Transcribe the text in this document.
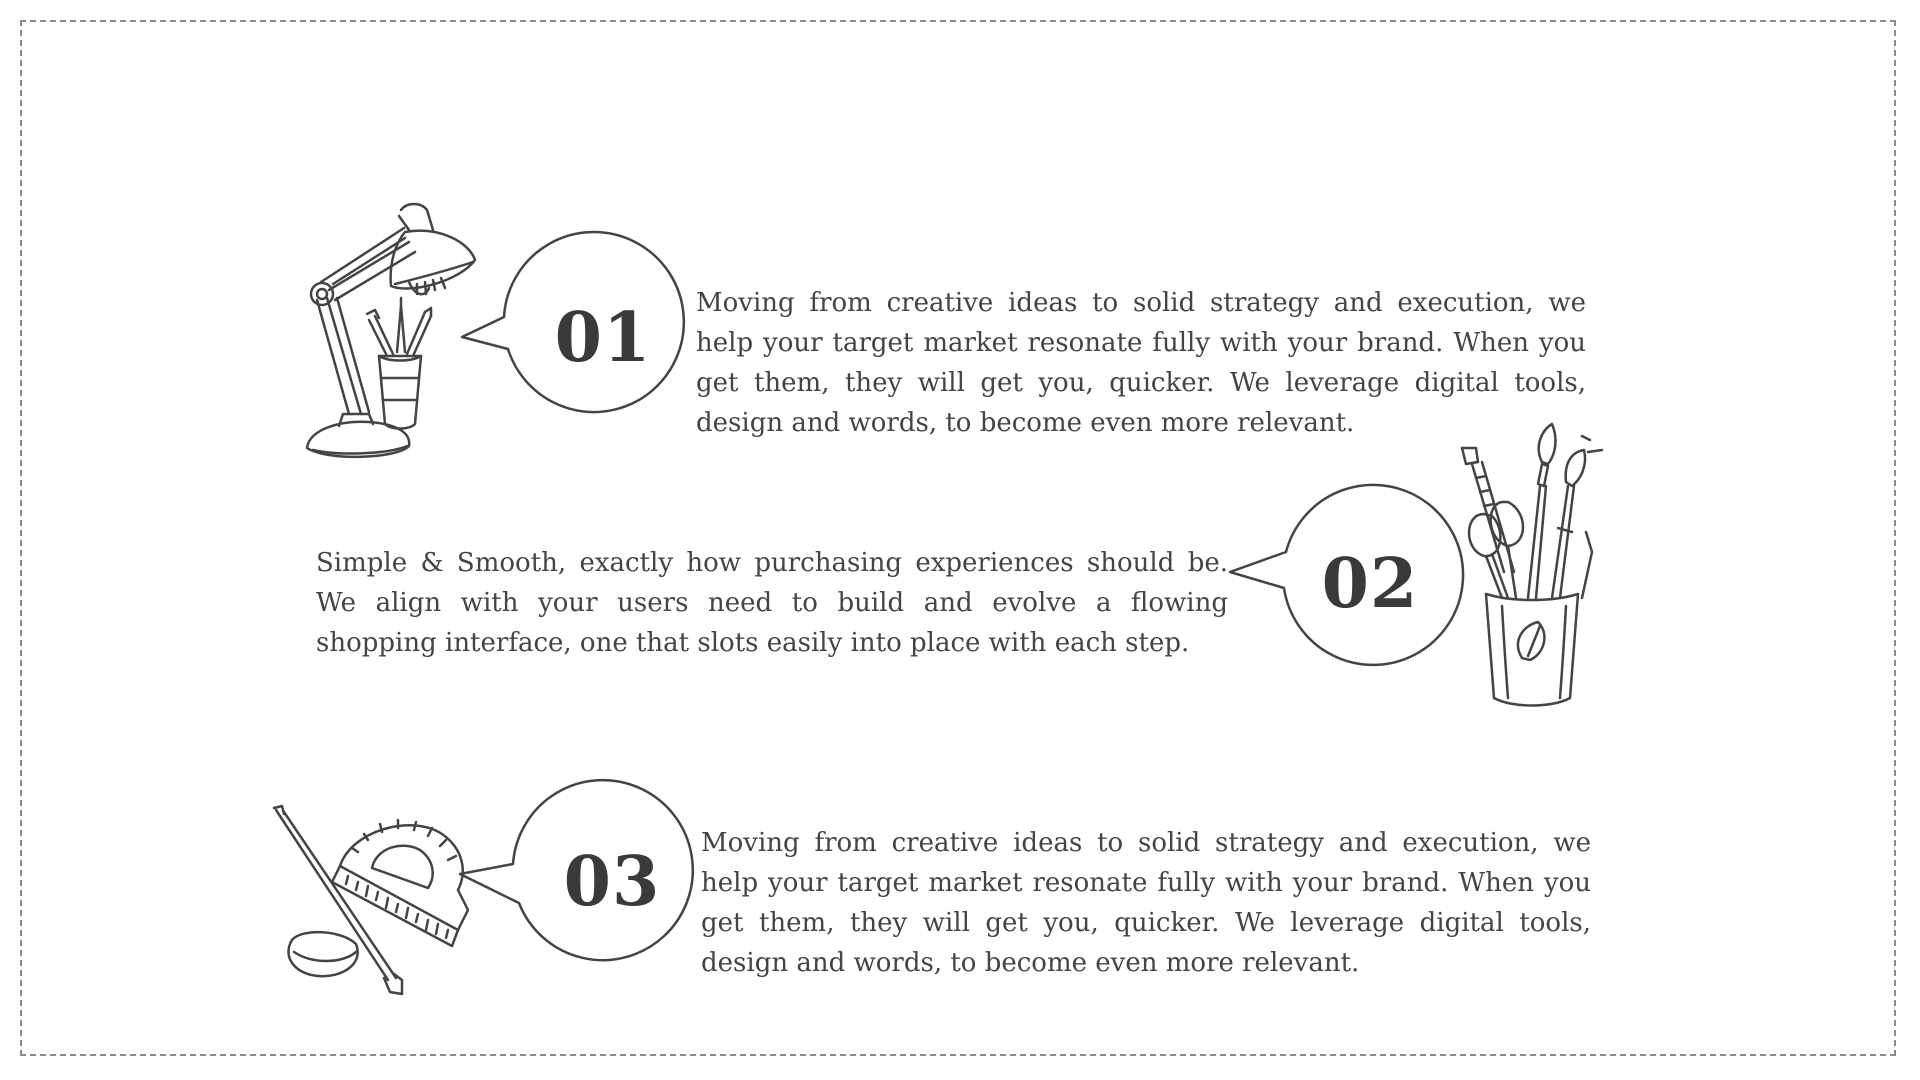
01	Moving from creative ideas to solid strategy and execution, we help your target market resonate fully with your brand. When you get them, they will get you, quicker. We leverage digital tools, design and words, to become even more relevant.

Simple & Smooth, exactly how purchasing experiences should be. We align with your users need to build and evolve a flowing shopping interface, one that slots easily into place with each step.

02
03	Moving from creative ideas to solid strategy and execution, we help your target market resonate fully with your brand. When you get them, they will get you, quicker. We leverage digital tools, design and words, to become even more relevant.
